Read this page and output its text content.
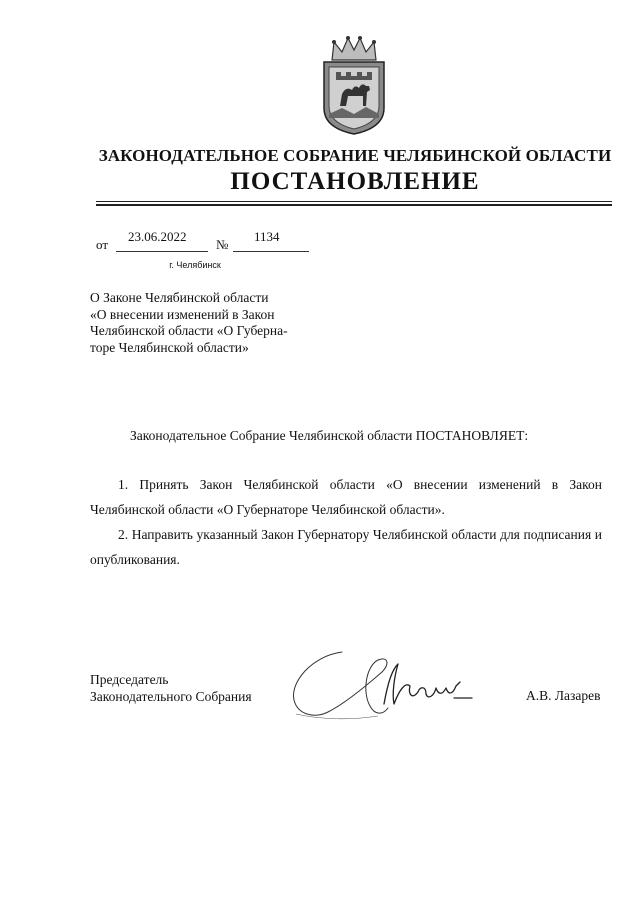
ЗАКОНОДАТЕЛЬНОЕ СОБРАНИЕ ЧЕЛЯБИНСКОЙ ОБЛАСТИ
ПОСТАНОВЛЕНИЕ
от
23.06.2022
№
1134
г. Челябинск
О Законе Челябинской области
«О внесении изменений в Закон
Челябинской области «О Губерна-
торе Челябинской области»
Законодательное Собрание Челябинской области ПОСТАНОВЛЯЕТ:
1. Принять Закон Челябинской области «О внесении изменений в Закон Челябинской области «О Губернаторе Челябинской области».
2. Направить указанный Закон Губернатору Челябинской области для подписания и опубликования.
Председатель
Законодательного Собрания	А.В. Лазарев
